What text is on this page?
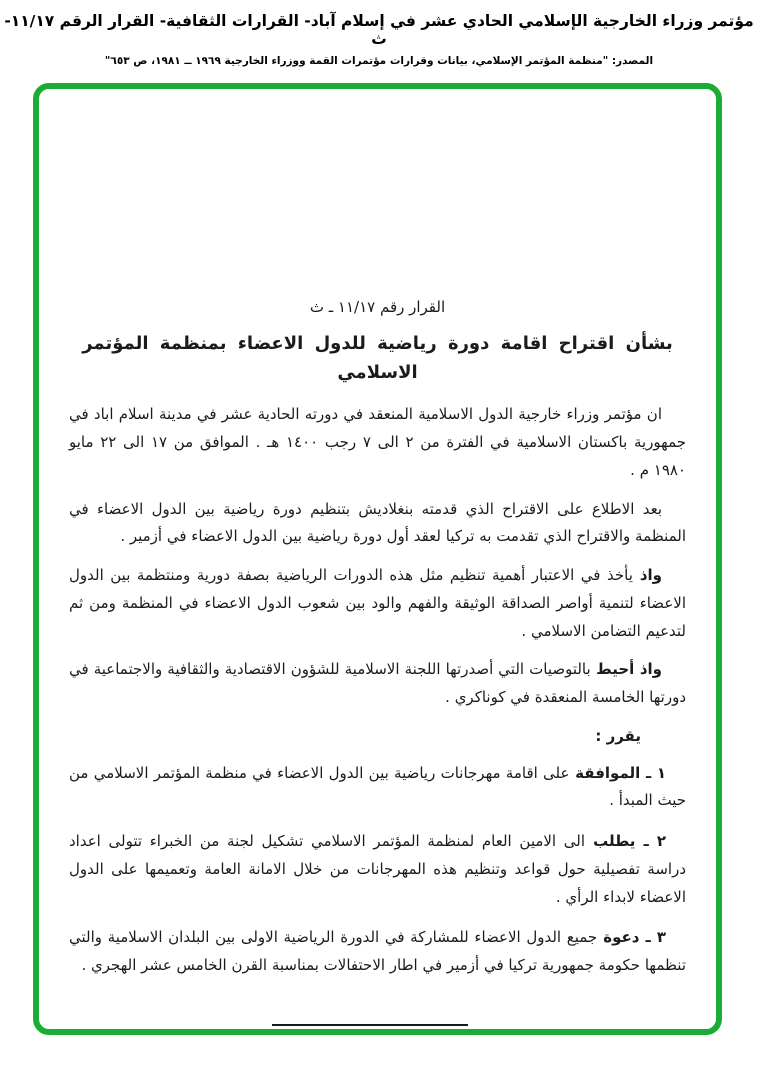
مؤتمر وزراء الخارجية الإسلامي الحادي عشر في إسلام آباد- القرارات الثقافية- القرار الرقم ١١/١٧- ث
المصدر: "منظمة المؤتمر الإسلامي، بيانات وقرارات مؤتمرات القمة ووزراء الخارجية ١٩٦٩ ــ ١٩٨١، ص ٦٥٣"

القرار رقم ١١/١٧ ـ ث

بشأن اقتراح اقامة دورة رياضية للدول الاعضاء بمنظمة المؤتمر الاسلامي

ان مؤتمر وزراء خارجية الدول الاسلامية المنعقد في دورته الحادية عشر في مدينة اسلام اباد في جمهورية باكستان الاسلامية في الفترة من ٢ الى ٧ رجب ١٤٠٠ هـ . الموافق من ١٧ الى ٢٢ مايو ١٩٨٠ م .

بعد الاطلاع على الاقتراح الذي قدمته بنغلاديش بتنظيم دورة رياضية بين الدول الاعضاء في المنظمة والاقتراح الذي تقدمت به تركيا لعقد أول دورة رياضية بين الدول الاعضاء في أزمير .

واذ يأخذ في الاعتبار أهمية تنظيم مثل هذه الدورات الرياضية بصفة دورية ومنتظمة بين الدول الاعضاء لتنمية أواصر الصداقة الوثيقة والفهم والود بين شعوب الدول الاعضاء في المنظمة ومن ثم لتدعيم التضامن الاسلامي .

واذ أحيط بالتوصيات التي أصدرتها اللجنة الاسلامية للشؤون الاقتصادية والثقافية والاجتماعية في دورتها الخامسة المنعقدة في كوناكري .

يقرر :

١ ـ الموافقة على اقامة مهرجانات رياضية بين الدول الاعضاء في منظمة المؤتمر الاسلامي من حيث المبدأ .

٢ ـ يطلب الى الامين العام لمنظمة المؤتمر الاسلامي تشكيل لجنة من الخبراء تتولى اعداد دراسة تفصيلية حول قواعد وتنظيم هذه المهرجانات من خلال الامانة العامة وتعميمها على الدول الاعضاء لابداء الرأي .

٣ ـ دعوة جميع الدول الاعضاء للمشاركة في الدورة الرياضية الاولى بين البلدان الاسلامية والتي تنظمها حكومة جمهورية تركيا في أزمير في اطار الاحتفالات بمناسبة القرن الخامس عشر الهجري .
